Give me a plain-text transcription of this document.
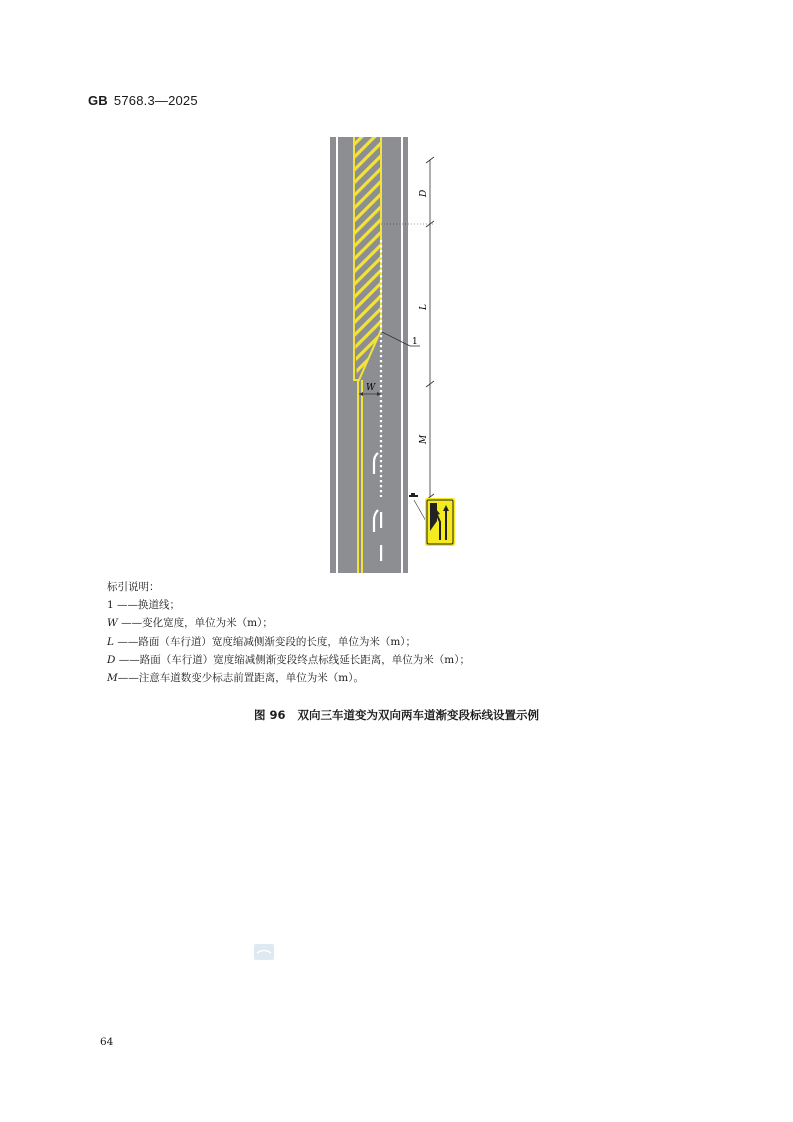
GB 5768.3—2025
D
L
M
W
1
标引说明：
1 ——换道线；
W ——变化宽度，单位为米（m）；
L ——路面（车行道）宽度缩减侧渐变段的长度，单位为米（m）；
D ——路面（车行道）宽度缩减侧渐变段终点标线延长距离，单位为米（m）；
M——注意车道数变少标志前置距离，单位为米（m）。
图 96 双向三车道变为双向两车道渐变段标线设置示例
64
